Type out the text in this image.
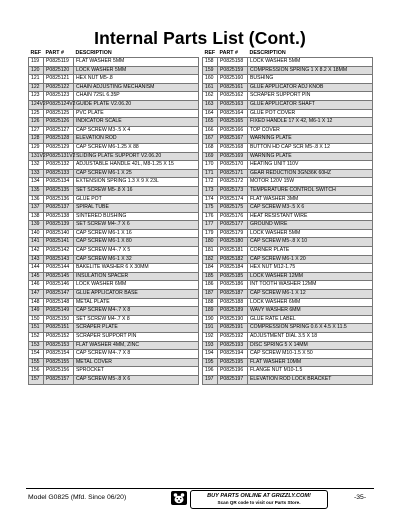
Internal Parts List (Cont.)
REF	PART #	DESCRIPTION
119	P0825119	FLAT WASHER 5MM
120	P0825120	LOCK WASHER 5MM
121	P0825121	HEX NUT M5-.8
122	P0825122	CHAIN ADJUSTING MECHANISM
123	P0825123	CHAIN 72SL 6.35P
124V2	P0825124V2	GUIDE PLATE V2.06.20
125	P0825125	PVC PLATE
126	P0825126	INDICATOR SCALE
127	P0825127	CAP SCREW M3-.5 X 4
128	P0825128	ELEVATION ROD
129	P0825129	CAP SCREW M6-1.25 X 88
131V2	P0825131V2	SLIDING PLATE SUPPORT V2.06.20
132	P0825132	ADJUSTABLE HANDLE 42L, M8-1.25 X 15
133	P0825133	CAP SCREW M6-1 X 25
134	P0825134	EXTENSION SPRING 1.3 X 9 X 23L
135	P0825135	SET SCREW M5-.8 X 16
136	P0825136	GLUE POT
137	P0825137	SPIRAL TUBE
138	P0825138	SINTERED BUSHING
139	P0825139	SET SCREW M4-.7 X 6
140	P0825140	CAP SCREW M6-1 X 16
141	P0825141	CAP SCREW M6-1 X 80
142	P0825142	CAP SCREW M4-.7 X 5
143	P0825143	CAP SCREW M6-1 X 32
144	P0825144	BAKELITE WASHER 6 X 30MM
145	P0825145	INSULATION SPACER
146	P0825146	LOCK WASHER 6MM
147	P0825147	GLUE APPLICATOR BASE
148	P0825148	METAL PLATE
149	P0825149	CAP SCREW M4-.7 X 8
150	P0825150	SET SCREW M4-.7 X 8
151	P0825151	SCRAPER PLATE
152	P0825152	SCRAPER SUPPORT PIN
153	P0825153	FLAT WASHER 4MM, ZINC
154	P0825154	CAP SCREW M4-.7 X 8
155	P0825155	METAL COVER
156	P0825156	SPROCKET
157	P0825157	CAP SCREW M5-.8 X 6
REF	PART #	DESCRIPTION
158	P0825158	LOCK WASHER 5MM
159	P0825159	COMPRESSION SPRING 1 X 8.2 X 18MM
160	P0825160	BUSHING
161	P0825161	GLUE APPLICATOR ADJ KNOB
162	P0825162	SCRAPER SUPPORT PIN
163	P0825163	GLUE APPLICATOR SHAFT
164	P0825164	GLUE POT COVER
165	P0825165	FIXED HANDLE 17 X 42, M6-1 X 12
166	P0825166	TOP COVER
167	P0825167	WARNING PLATE
168	P0825168	BUTTON HD CAP SCR M5-.8 X 12
169	P0825169	WARNING PLATE
170	P0825170	HEATING UNIT 110V
171	P0825171	GEAR REDUCTION 3GN36K 60HZ
172	P0825172	MOTOR 120V 15W
173	P0825173	TEMPERATURE CONTROL SWITCH
174	P0825174	FLAT WASHER 3MM
175	P0825175	CAP SCREW M3-.5 X 6
176	P0825176	HEAT RESISTANT WIRE
177	P0825177	GROUND WIRE
179	P0825179	LOCK WASHER 5MM
180	P0825180	CAP SCREW M5-.8 X 10
181	P0825181	CORNER PLATE
182	P0825182	CAP SCREW M6-1 X 20
184	P0825184	HEX NUT M12-1.75
185	P0825185	LOCK WASHER 12MM
186	P0825186	INT TOOTH WASHER 12MM
187	P0825187	CAP SCREW M6-1 X 12
188	P0825188	LOCK WASHER 6MM
189	P0825189	WAVY WASHER 6MM
190	P0825190	GLUE RATE LABEL
191	P0825191	COMPRESSION SPRING 0.6 X 4.5 X 11.5
192	P0825192	ADJUSTMENT DIAL 3.5 X 18
193	P0825193	DISC SPRING 5 X 14MM
194	P0825194	CAP SCREW M10-1.5 X 50
195	P0825195	FLAT WASHER 10MM
196	P0825196	FLANGE NUT M10-1.5
197	P0825197	ELEVATION ROD LOCK BRACKET
Model G0825 (Mfd. Since 06/20)	BUY PARTS ONLINE AT GRIZZLY.COM!
Scan QR code to visit our Parts Store.
-35-
